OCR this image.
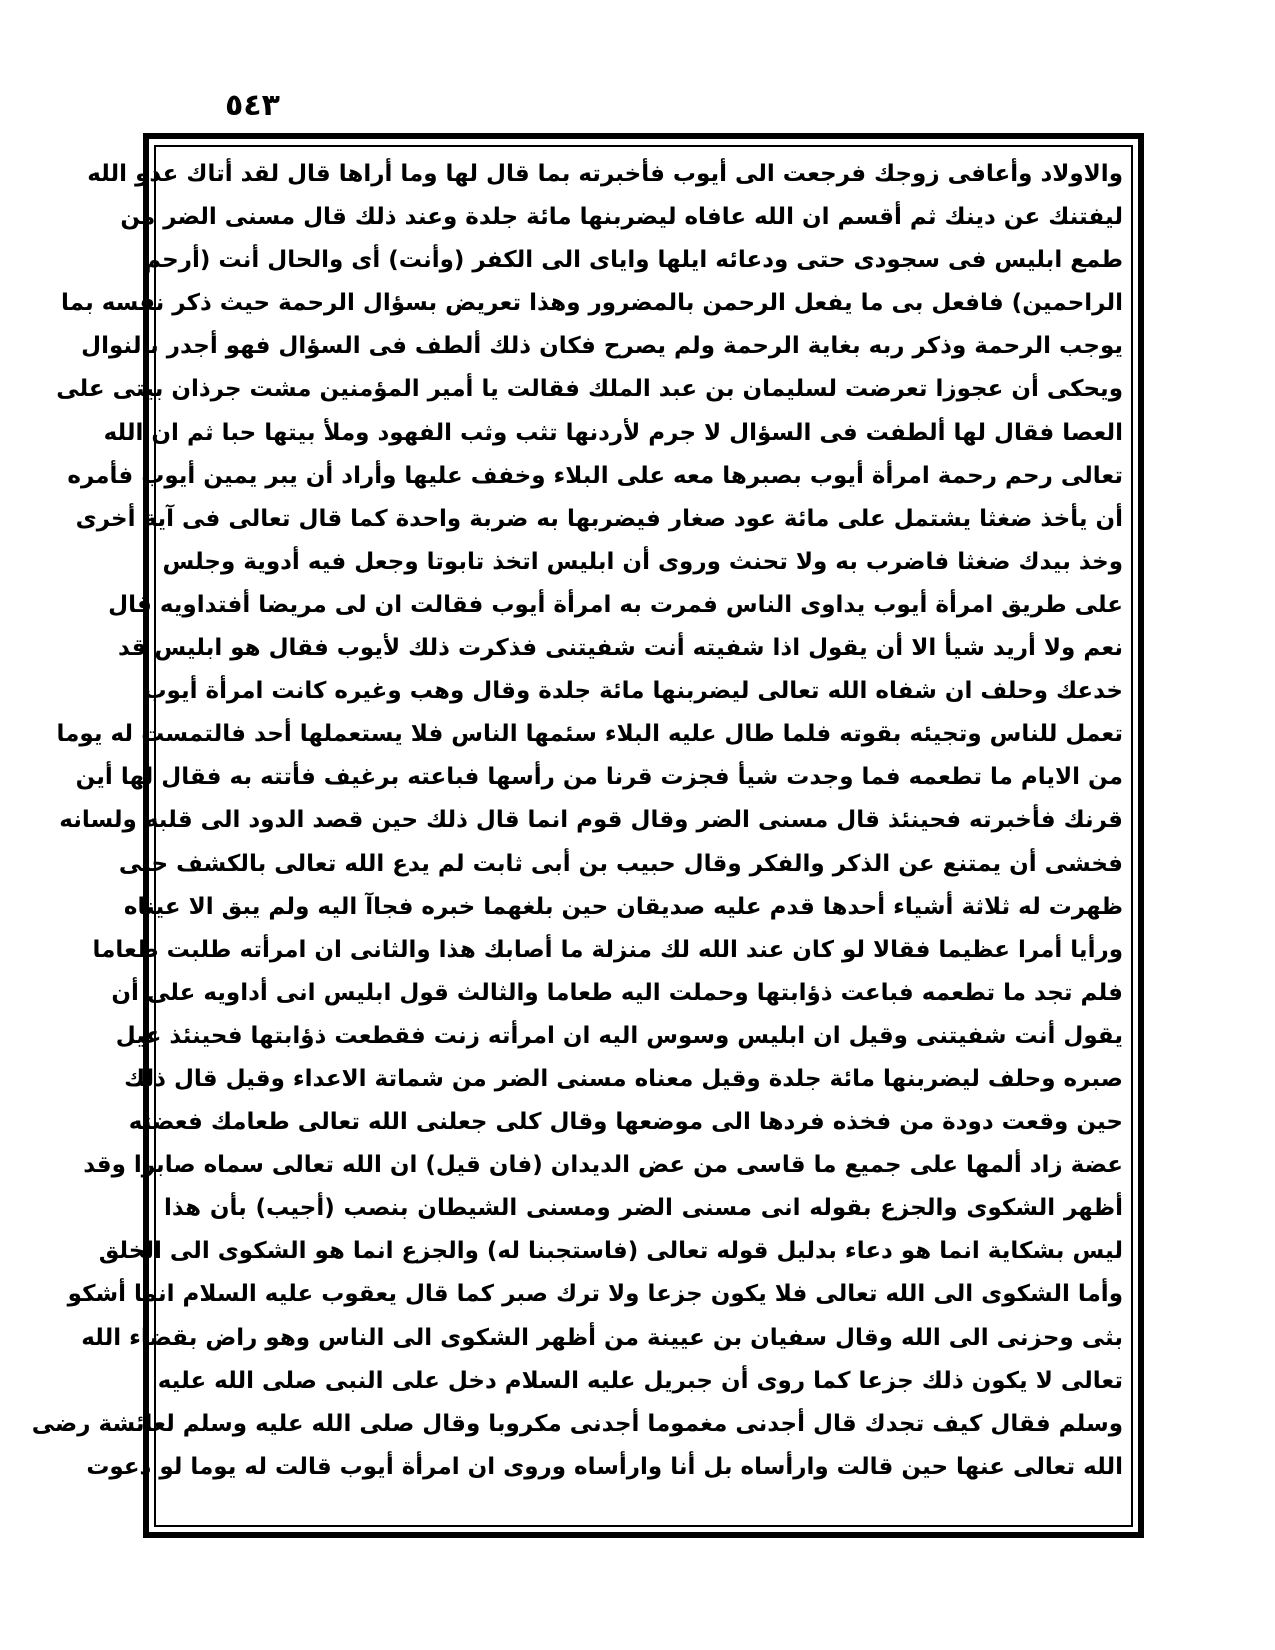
٥٤٣
والاولاد وأعافى زوجك فرجعت الى أيوب فأخبرته بما قال لها وما أراها قال لقد أتاك عدو الله
ليفتنك عن دينك ثم أقسم ان الله عافاه ليضربنها مائة جلدة وعند ذلك قال مسنى الضر من
طمع ابليس فى سجودى حتى ودعائه ايلها واياى الى الكفر (وأنت) أى والحال أنت (أرحم
الراحمين) فافعل بى ما يفعل الرحمن بالمضرور وهذا تعريض بسؤال الرحمة حيث ذكر نفسه بما
يوجب الرحمة وذكر ربه بغاية الرحمة ولم يصرح فكان ذلك ألطف فى السؤال فهو أجدر بالنوال
ويحكى أن عجوزا تعرضت لسليمان بن عبد الملك فقالت يا أمير المؤمنين مشت جرذان بيتى على
العصا فقال لها ألطفت فى السؤال لا جرم لأردنها تثب وثب الفهود وملأ بيتها حبا ثم ان الله
تعالى رحم رحمة امرأة أيوب بصبرها معه على البلاء وخفف عليها وأراد أن يبر يمين أيوب فأمره
أن يأخذ ضغثا يشتمل على مائة عود صغار فيضربها به ضربة واحدة كما قال تعالى فى آية أخرى
وخذ بيدك ضغثا فاضرب به ولا تحنث وروى أن ابليس اتخذ تابوتا وجعل فيه أدوية وجلس
على طريق امرأة أيوب يداوى الناس فمرت به امرأة أيوب فقالت ان لى مريضا أفتداويه قال
نعم ولا أريد شيأ الا أن يقول اذا شفيته أنت شفيتنى فذكرت ذلك لأيوب فقال هو ابليس قد
خدعك وحلف ان شفاه الله تعالى ليضربنها مائة جلدة وقال وهب وغيره كانت امرأة أيوب
تعمل للناس وتجيئه بقوته فلما طال عليه البلاء سئمها الناس فلا يستعملها أحد فالتمست له يوما
من الايام ما تطعمه فما وجدت شيأ فجزت قرنا من رأسها فباعته برغيف فأتته به فقال لها أين
قرنك فأخبرته فحينئذ قال مسنى الضر وقال قوم انما قال ذلك حين قصد الدود الى قلبه ولسانه
فخشى أن يمتنع عن الذكر والفكر وقال حبيب بن أبى ثابت لم يدع الله تعالى بالكشف حتى
ظهرت له ثلاثة أشياء أحدها قدم عليه صديقان حين بلغهما خبره فجاآ اليه ولم يبق الا عيناه
ورأيا أمرا عظيما فقالا لو كان عند الله لك منزلة ما أصابك هذا والثانى ان امرأته طلبت طعاما
فلم تجد ما تطعمه فباعت ذؤابتها وحملت اليه طعاما والثالث قول ابليس انى أداويه على أن
يقول أنت شفيتنى وقيل ان ابليس وسوس اليه ان امرأته زنت فقطعت ذؤابتها فحينئذ عيل
صبره وحلف ليضربنها مائة جلدة وقيل معناه مسنى الضر من شماتة الاعداء وقيل قال ذلك
حين وقعت دودة من فخذه فردها الى موضعها وقال كلى جعلنى الله تعالى طعامك فعضته
عضة زاد ألمها على جميع ما قاسى من عض الديدان (فان قيل) ان الله تعالى سماه صابرا وقد
أظهر الشكوى والجزع بقوله انى مسنى الضر ومسنى الشيطان بنصب (أجيب) بأن هذا
ليس بشكاية انما هو دعاء بدليل قوله تعالى (فاستجبنا له) والجزع انما هو الشكوى الى الخلق
وأما الشكوى الى الله تعالى فلا يكون جزعا ولا ترك صبر كما قال يعقوب عليه السلام انما أشكو
بثى وحزنى الى الله وقال سفيان بن عيينة من أظهر الشكوى الى الناس وهو راض بقضاء الله
تعالى لا يكون ذلك جزعا كما روى أن جبريل عليه السلام دخل على النبى صلى الله عليه
وسلم فقال كيف تجدك قال أجدنى مغموما أجدنى مكروبا وقال صلى الله عليه وسلم لعائشة رضى
الله تعالى عنها حين قالت وارأساه بل أنا وارأساه وروى ان امرأة أيوب قالت له يوما لو دعوت
